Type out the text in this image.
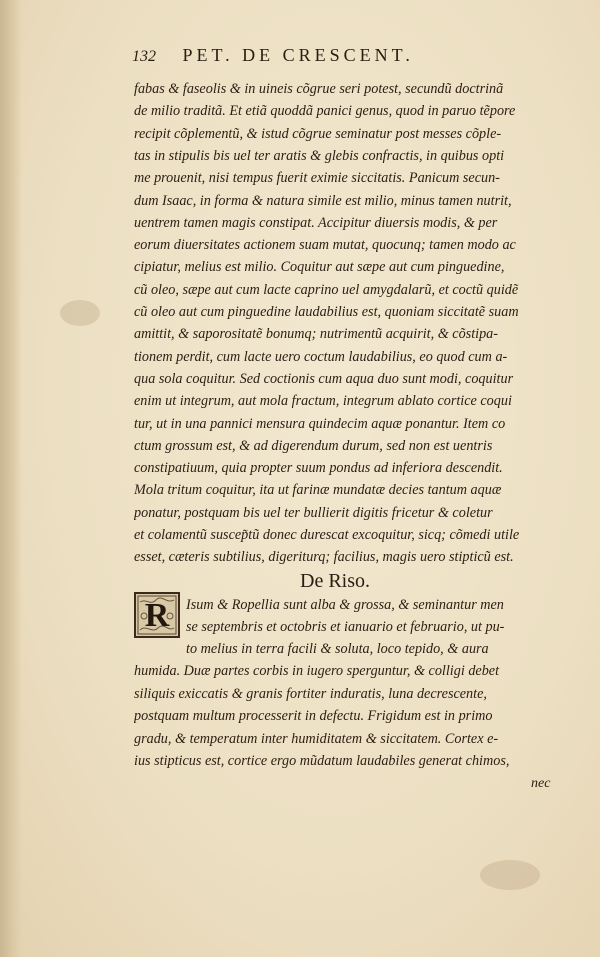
132 PET. DE CRESCENT.
fabas & faseolis & in uineis cõgrue seri potest, secundũ doctrinã
de milio traditã. Et etiã quoddã panici genus, quod in paruo tẽpore
recipit cõplementũ, & istud cõgrue seminatur post messes cõple-
tas in stipulis bis uel ter aratis & glebis confractis, in quibus opti
me prouenit, nisi tempus fuerit eximie siccitatis. Panicum secun-
dum Isaac, in forma & natura simile est milio, minus tamen nutrit,
uentrem tamen magis constipat. Accipitur diuersis modis, & per
eorum diuersitates actionem suam mutat, quocunq; tamen modo ac
cipiatur, melius est milio. Coquitur aut sæpe aut cum pinguedine,
cũ oleo, sæpe aut cum lacte caprino uel amygdalarũ, et coctũ quidẽ
cũ oleo aut cum pinguedine laudabilius est, quoniam siccitatẽ suam
amittit, & saporositatẽ bonumq; nutrimentũ acquirit, & cõstipa-
tionem perdit, cum lacte uero coctum laudabilius, eo quod cum a-
qua sola coquitur. Sed coctionis cum aqua duo sunt modi, coquitur
enim ut integrum, aut mola fractum, integrum ablato cortice coqui
tur, ut in una pannici mensura quindecim aquæ ponantur. Item co
ctum grossum est, & ad digerendum durum, sed non est uentris
constipatiuum, quia propter suum pondus ad inferiora descendit.
Mola tritum coquitur, ita ut farinæ mundatæ decies tantum aquæ
ponatur, postquam bis uel ter bullierit digitis fricetur & coletur
et colamentũ suscep̃tũ donec durescat excoquitur, sicq; cõmedi utile
esset, cæteris subtilius, digeriturq; facilius, magis uero stipticũ est.
De Riso.
R	Isum & Ropellia sunt alba & grossa, & seminantur men
se septembris et octobris et ianuario et februario, ut pu-
to melius in terra facili & soluta, loco tepido, & aura
humida. Duæ partes corbis in iugero sperguntur, & colligi debet
siliquis exiccatis & granis fortiter induratis, luna decrescente,
postquam multum processerit in defectu. Frigidum est in primo
gradu, & temperatum inter humiditatem & siccitatem. Cortex e-
ius stipticus est, cortice ergo mũdatum laudabiles generat chimos,
nec
